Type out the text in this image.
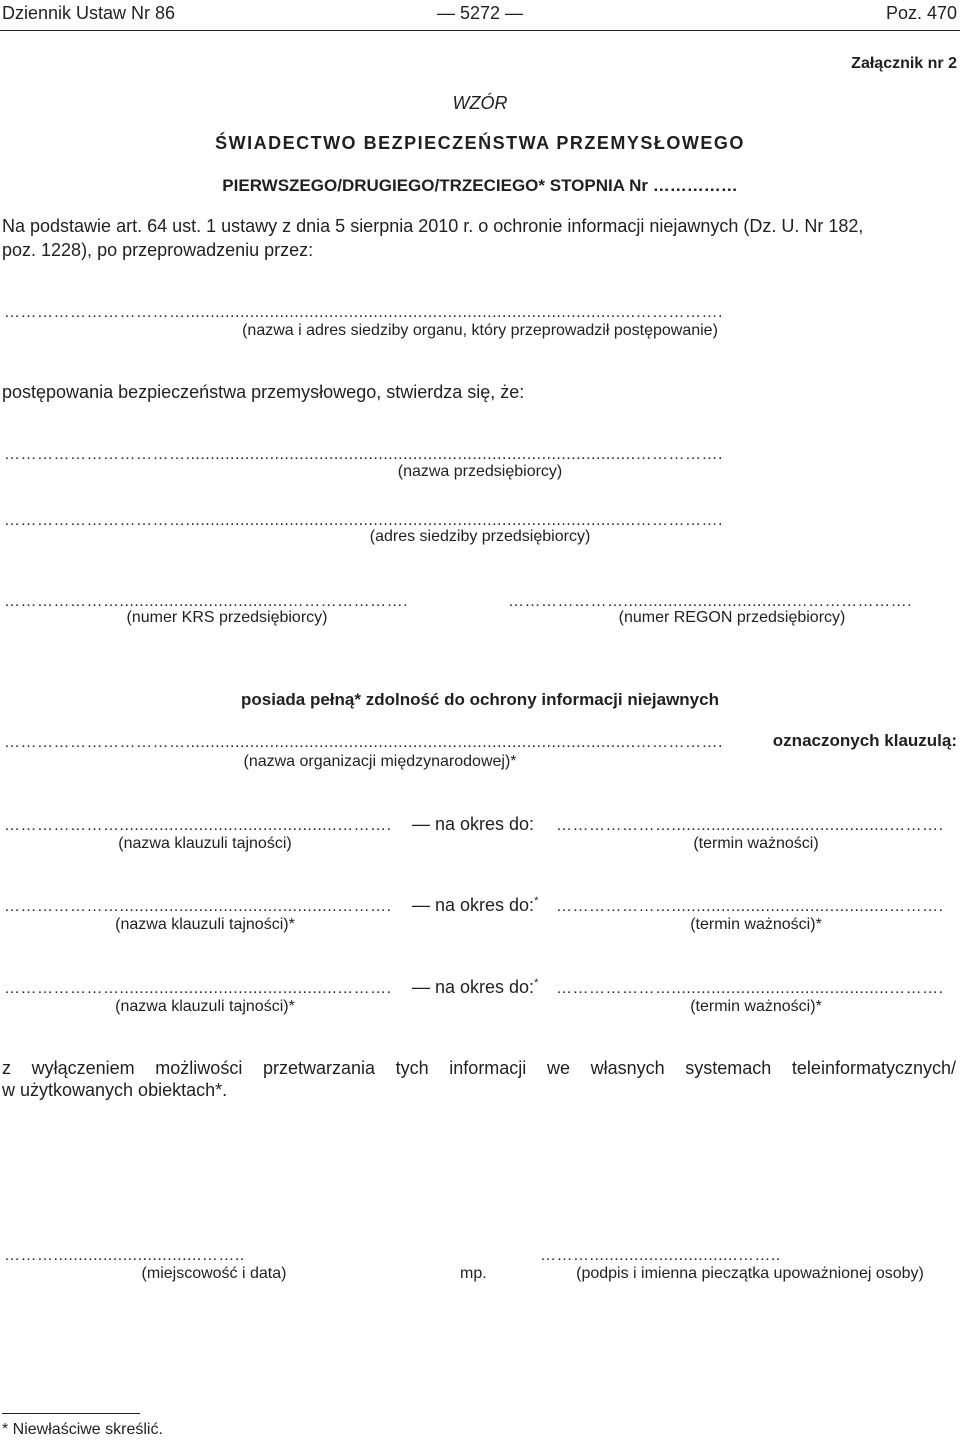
Dziennik Ustaw Nr 86	— 5272 —	Poz. 470
Załącznik nr 2
WZÓR
ŚWIADECTWO BEZPIECZEŃSTWA PRZEMYSŁOWEGO
PIERWSZEGO/DRUGIEGO/TRZECIEGO* STOPNIA Nr ……………
Na podstawie art. 64 ust. 1 ustawy z dnia 5 sierpnia 2010 r. o ochronie informacji niejawnych (Dz. U. Nr 182,
poz. 1228), po przeprowadzeniu przez:
……………………………...........................................................................................…………….
(nazwa i adres siedziby organu, który przeprowadził postępowanie)
postępowania bezpieczeństwa przemysłowego, stwierdza się, że:
……………………………...........................................................................................…………….
(nazwa przedsiębiorcy)
……………………………...........................................................................................…………….
(adres siedziby przedsiębiorcy)
…………………..................................………………….
(numer KRS przedsiębiorcy)
…………………..................................………………….
(numer REGON przedsiębiorcy)
posiada pełną* zdolność do ochrony informacji niejawnych
……………………………...........................................................................................…………….	oznaczonych klauzulą:
(nazwa organizacji międzynarodowej)*
…………………............................................……….	— na okres do: …………………............................................……….
(nazwa klauzuli tajności)	(termin ważności)
…………………............................................……….	— na okres do:* …………………............................................……….
(nazwa klauzuli tajności)*	(termin ważności)*
…………………............................................……….	— na okres do:* …………………............................................……….
(nazwa klauzuli tajności)*	(termin ważności)*
z wyłączeniem możliwości przetwarzania tych informacji we własnych systemach teleinformatycznych/
w użytkowanych obiektach*.
………..............................……..
(miejscowość i data)	mp.
………..............................……..
(podpis i imienna pieczątka upoważnionej osoby)
* Niewłaściwe skreślić.
